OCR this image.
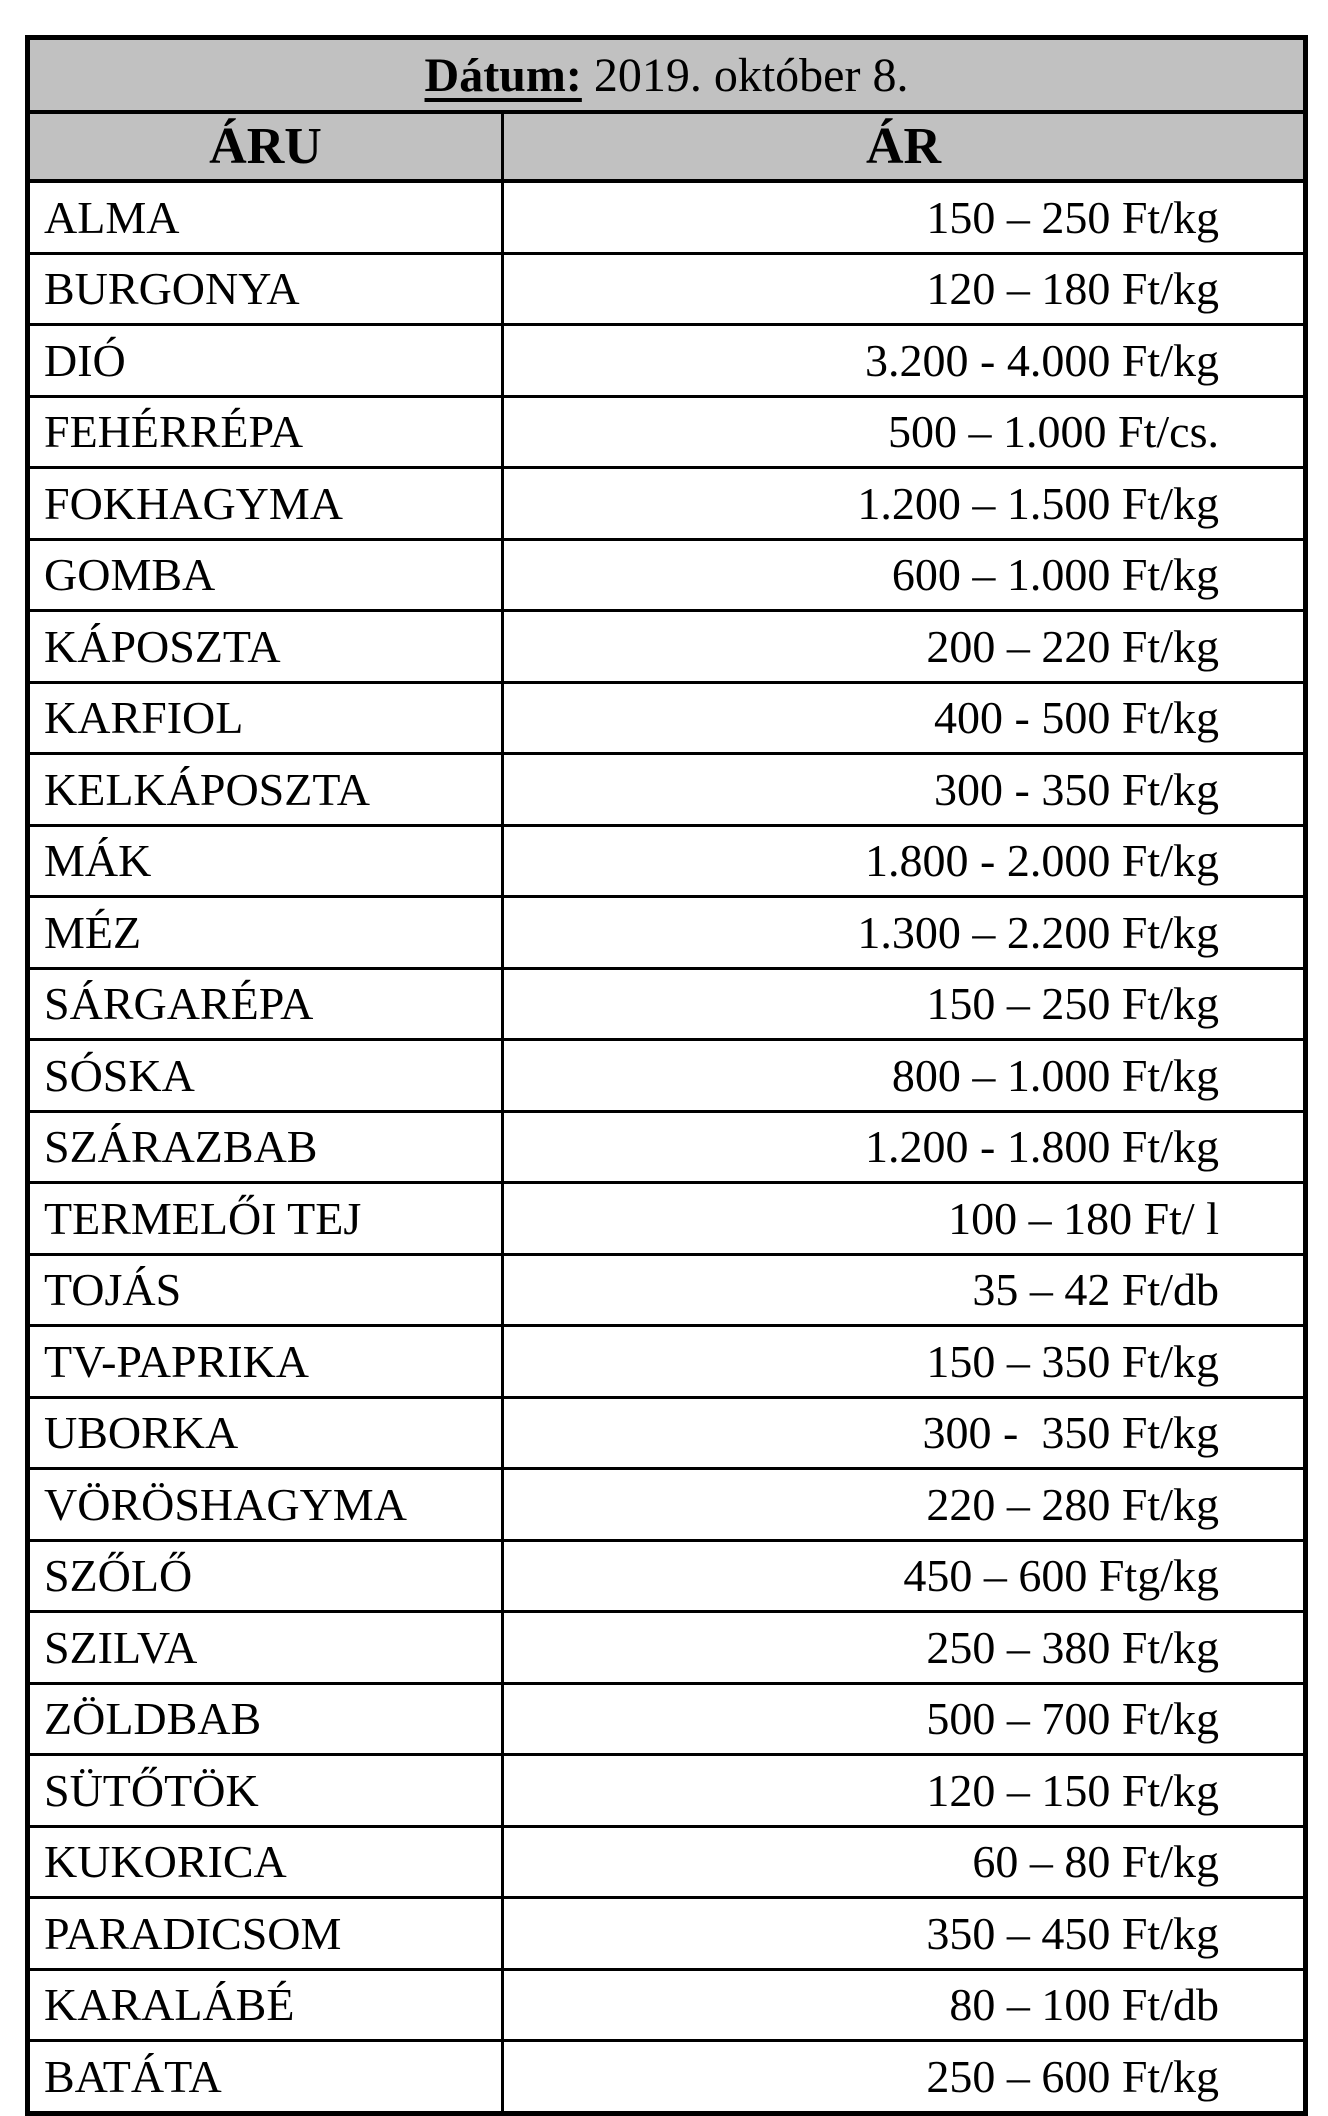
Dátum: 2019. október 8.	
ÁRU	ÁR
ALMA	150 – 250 Ft/kg
BURGONYA	120 – 180 Ft/kg
DIÓ	3.200 - 4.000 Ft/kg
FEHÉRRÉPA	500 – 1.000 Ft/cs.
FOKHAGYMA	1.200 – 1.500 Ft/kg
GOMBA	600 – 1.000 Ft/kg
KÁPOSZTA	200 – 220 Ft/kg
KARFIOL	400 - 500 Ft/kg
KELKÁPOSZTA	300 - 350 Ft/kg
MÁK	1.800 - 2.000 Ft/kg
MÉZ	1.300 – 2.200 Ft/kg
SÁRGARÉPA	150 – 250 Ft/kg
SÓSKA	800 – 1.000 Ft/kg
SZÁRAZBAB	1.200 - 1.800 Ft/kg
TERMELŐI TEJ	100 – 180 Ft/ l
TOJÁS	35 – 42 Ft/db
TV-PAPRIKA	150 – 350 Ft/kg
UBORKA	300 -  350 Ft/kg
VÖRÖSHAGYMA	220 – 280 Ft/kg
SZŐLŐ	450 – 600 Ftg/kg
SZILVA	250 – 380 Ft/kg
ZÖLDBAB	500 – 700 Ft/kg
SÜTŐTÖK	120 – 150 Ft/kg
KUKORICA	60 – 80 Ft/kg
PARADICSOM	350 – 450 Ft/kg
KARALÁBÉ	80 – 100 Ft/db
BATÁTA	250 – 600 Ft/kg
